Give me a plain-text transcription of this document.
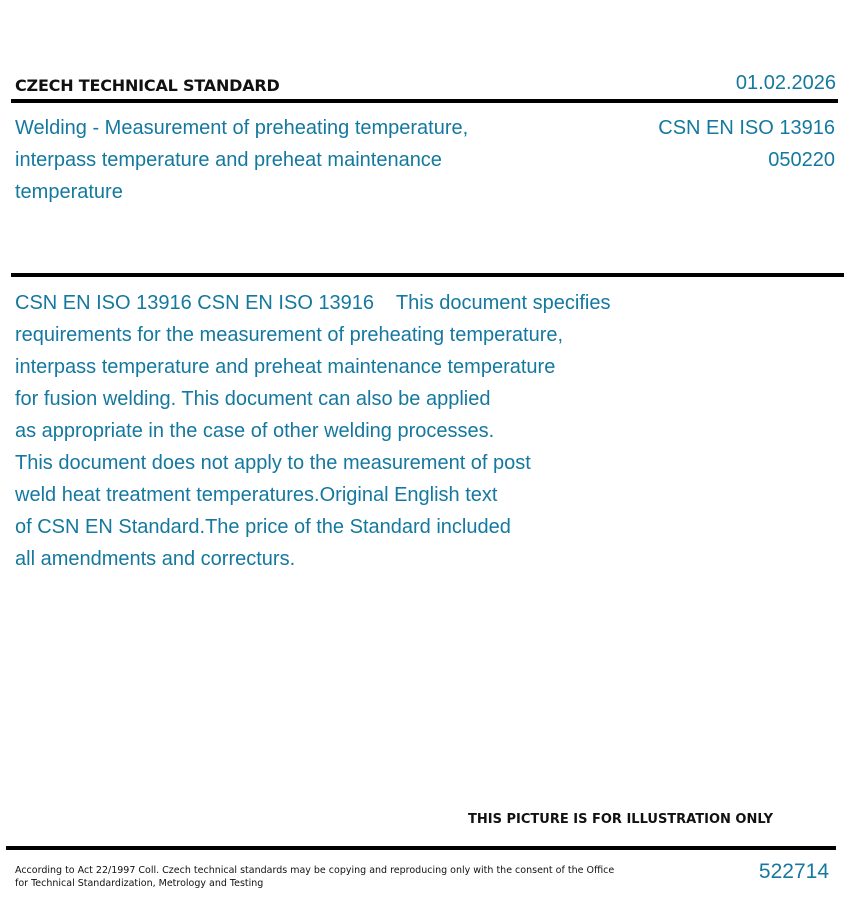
CZECH TECHNICAL STANDARD	01.02.2026
Welding - Measurement of preheating temperature,
interpass temperature and preheat maintenance
temperature
CSN EN ISO 13916
050220
CSN EN ISO 13916 CSN EN ISO 13916    This document specifies
requirements for the measurement of preheating temperature,
interpass temperature and preheat maintenance temperature
for fusion welding. This document can also be applied
as appropriate in the case of other welding processes.
This document does not apply to the measurement of post
weld heat treatment temperatures.Original English text
of CSN EN Standard.The price of the Standard included
all amendments and correcturs.
THIS PICTURE IS FOR ILLUSTRATION ONLY
According to Act 22/1997 Coll. Czech technical standards may be copying and reproducing only with the consent of the Office
for Technical Standardization, Metrology and Testing
522714
